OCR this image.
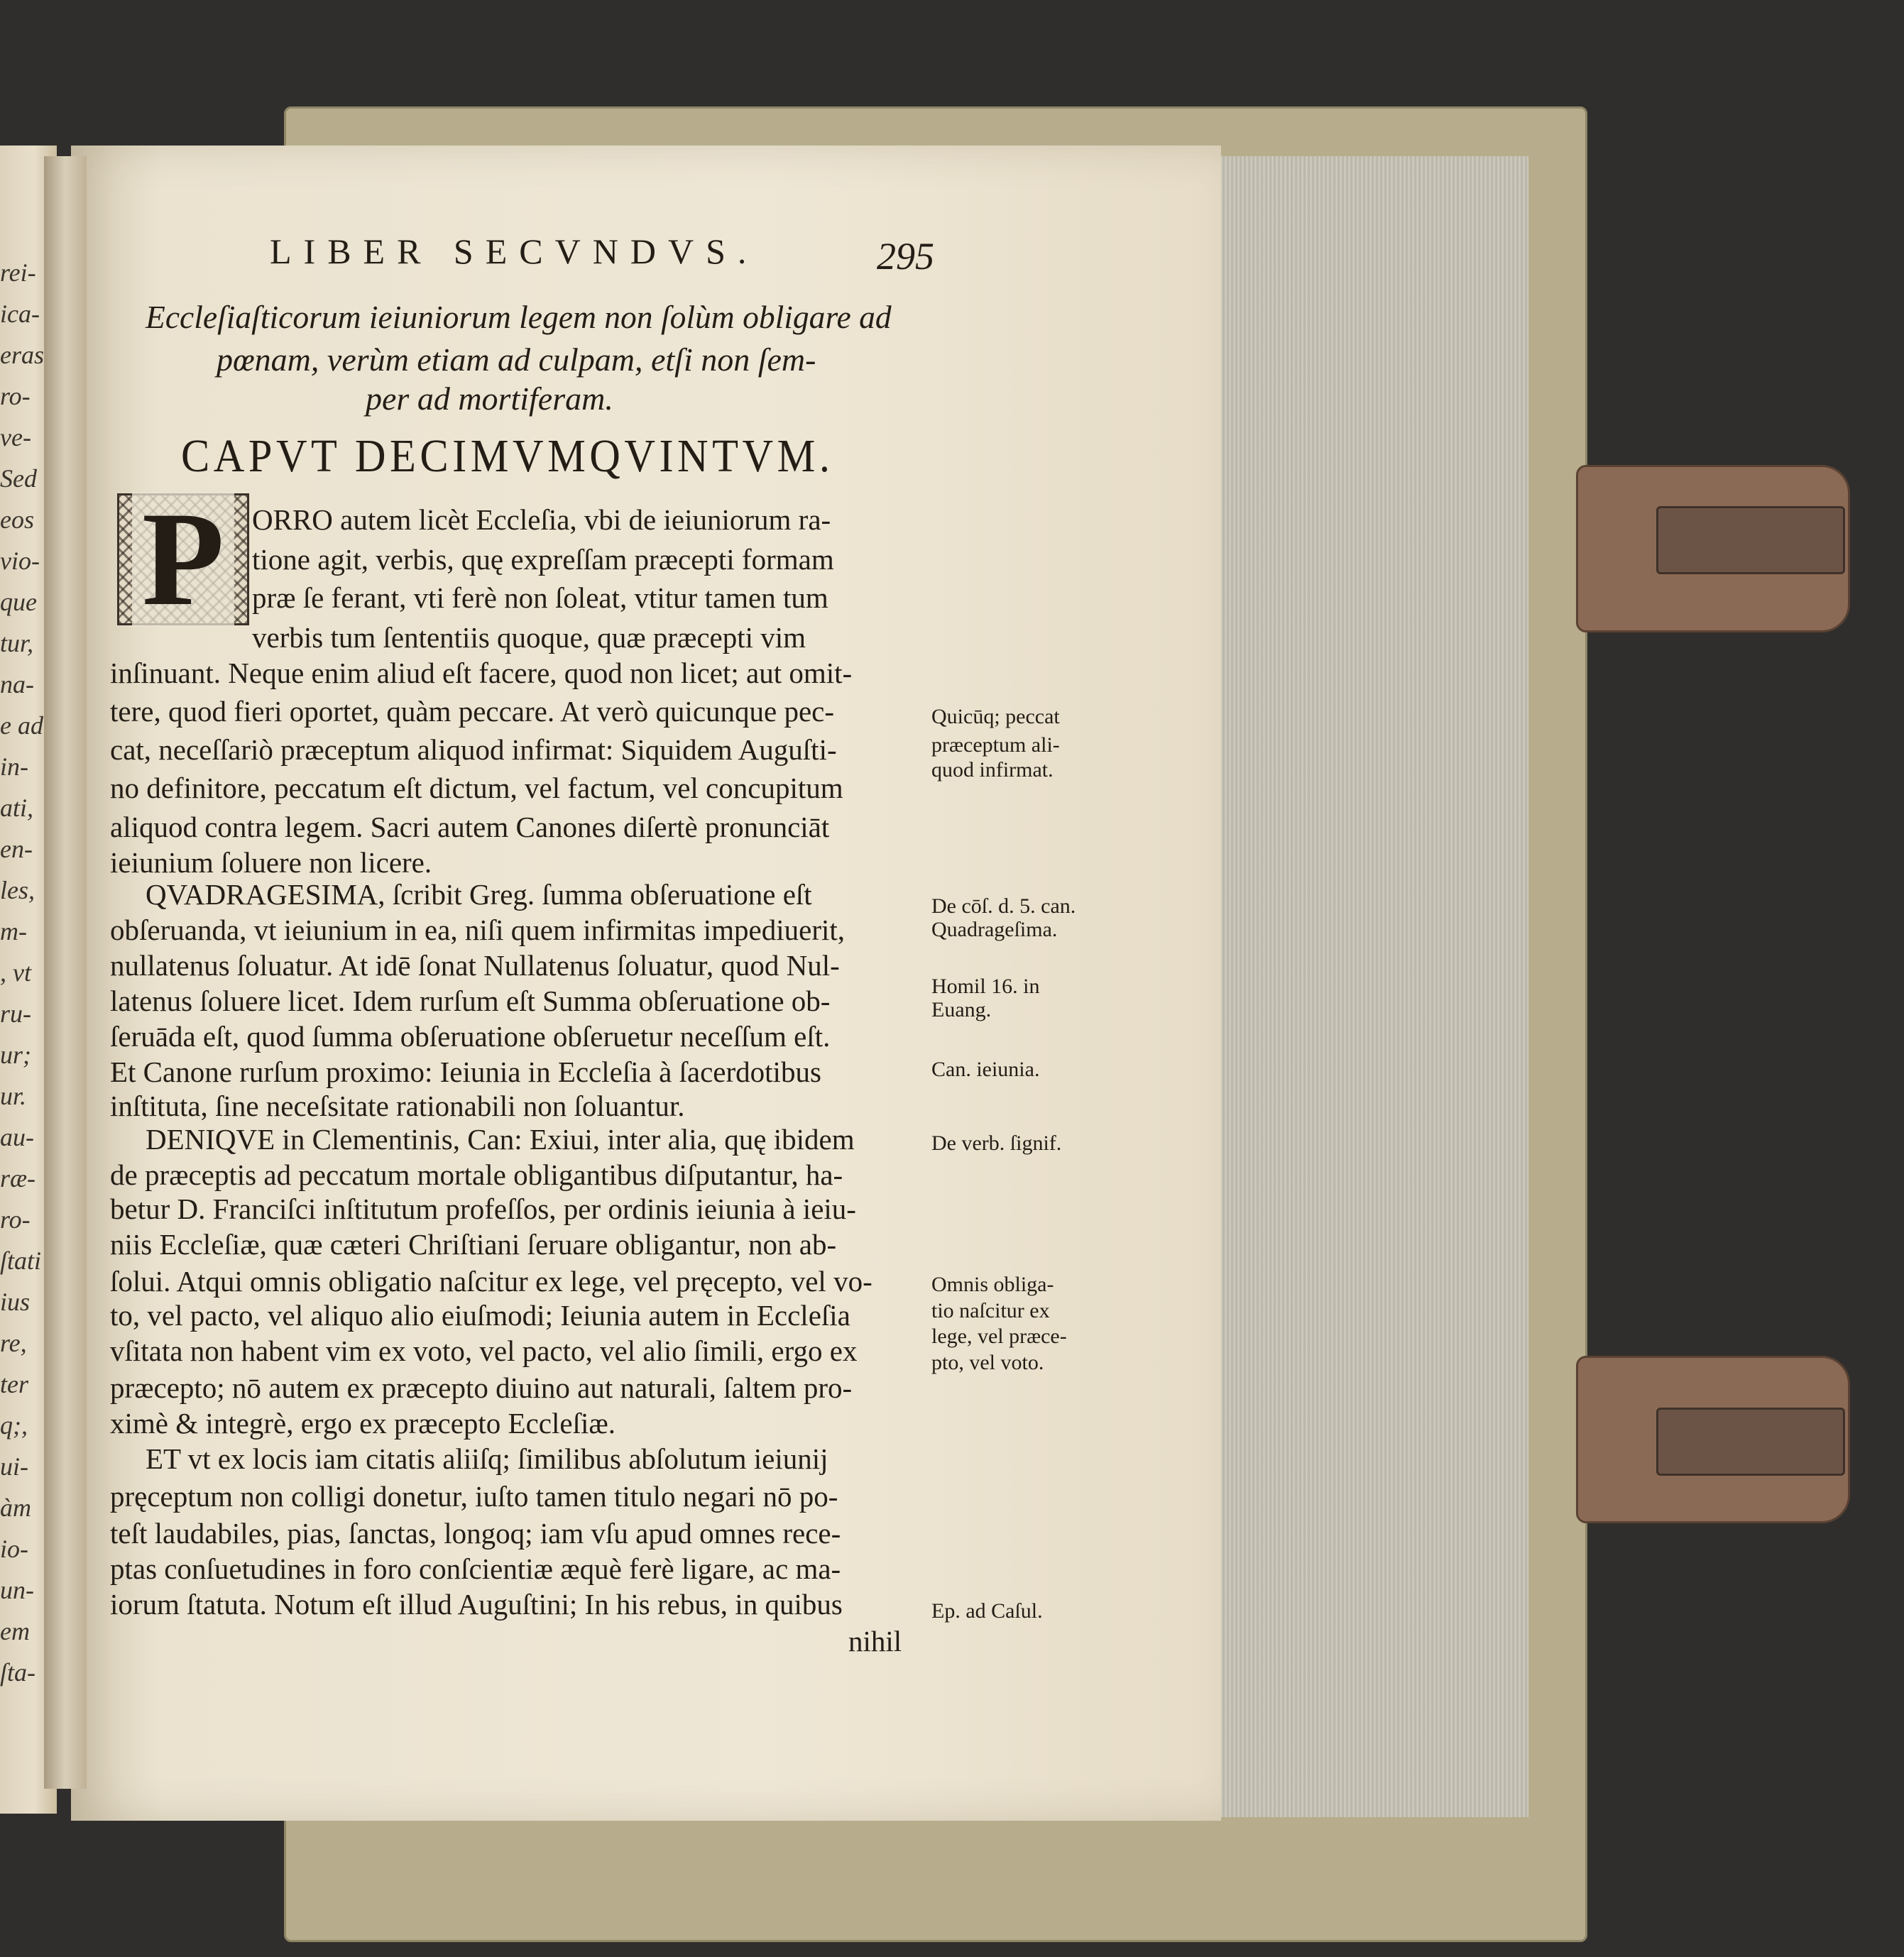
rei-
ica-
eras
ro-
ve-
Sed
eos
vio-
que
tur,
na-
e ad
in-
ati,
en-
les,
m-
, vt
ru-
ur;
ur.
au-
ræ-
ro-
ſtati
ius
re,
ter
q;,
ui-
àm
io-
un-
em
ſta-
LIBER SECVNDVS.	295
Eccleſiaſticorum ieiuniorum legem non ſolùm obligare ad
pœnam, verùm etiam ad culpam, etſi non ſem-
per ad mortiferam.
CAPVT DECIMVMQVINTVM.
P ORRO autem licèt Eccleſia, vbi de ieiuniorum ra-
tione agit, verbis, quę expreſſam præcepti formam
præ ſe ferant, vti ferè non ſoleat, vtitur tamen tum
verbis tum ſententiis quoque, quæ præcepti vim
inſinuant. Neque enim aliud eſt facere, quod non licet; aut omit-
tere, quod fieri oportet, quàm peccare. At verò quicunque pec-
cat, neceſſariò præceptum aliquod infirmat: Siquidem Auguſti-
no definitore, peccatum eſt dictum, vel factum, vel concupitum
aliquod contra legem. Sacri autem Canones diſertè pronunciāt
ieiunium ſoluere non licere.
QVADRAGESIMA, ſcribit Greg. ſumma obſeruatione eſt
obſeruanda, vt ieiunium in ea, niſi quem infirmitas impediuerit,
nullatenus ſoluatur. At idē ſonat Nullatenus ſoluatur, quod Nul-
latenus ſoluere licet. Idem rurſum eſt Summa obſeruatione ob-
ſeruāda eſt, quod ſumma obſeruatione obſeruetur neceſſum eſt.
Et Canone rurſum proximo: Ieiunia in Eccleſia à ſacerdotibus
inſtituta, ſine neceſsitate rationabili non ſoluantur.
DENIQVE in Clementinis, Can: Exiui, inter alia, quę ibidem
de præceptis ad peccatum mortale obligantibus diſputantur, ha-
betur D. Franciſci inſtitutum profeſſos, per ordinis ieiunia à ieiu-
niis Eccleſiæ, quæ cæteri Chriſtiani ſeruare obligantur, non ab-
ſolui. Atqui omnis obligatio naſcitur ex lege, vel pręcepto, vel vo-
to, vel pacto, vel aliquo alio eiuſmodi; Ieiunia autem in Eccleſia
vſitata non habent vim ex voto, vel pacto, vel alio ſimili, ergo ex
præcepto; nō autem ex præcepto diuino aut naturali, ſaltem pro-
ximè & integrè, ergo ex præcepto Eccleſiæ.
ET vt ex locis iam citatis aliiſq; ſimilibus abſolutum ieiunij
pręceptum non colligi donetur, iuſto tamen titulo negari nō po-
teſt laudabiles, pias, ſanctas, longoq; iam vſu apud omnes rece-
ptas conſuetudines in foro conſcientiæ æquè ferè ligare, ac ma-
iorum ſtatuta. Notum eſt illud Auguſtini; In his rebus, in quibus
Quicūq; peccat
præceptum ali-
quod infirmat.
De cōſ. d. 5. can.
Quadrageſima.
Homil 16. in
Euang.
Can. ieiunia.
De verb. ſignif.
Omnis obliga-
tio naſcitur ex
lege, vel præce-
pto, vel voto.
Ep. ad Caſul.
nihil
